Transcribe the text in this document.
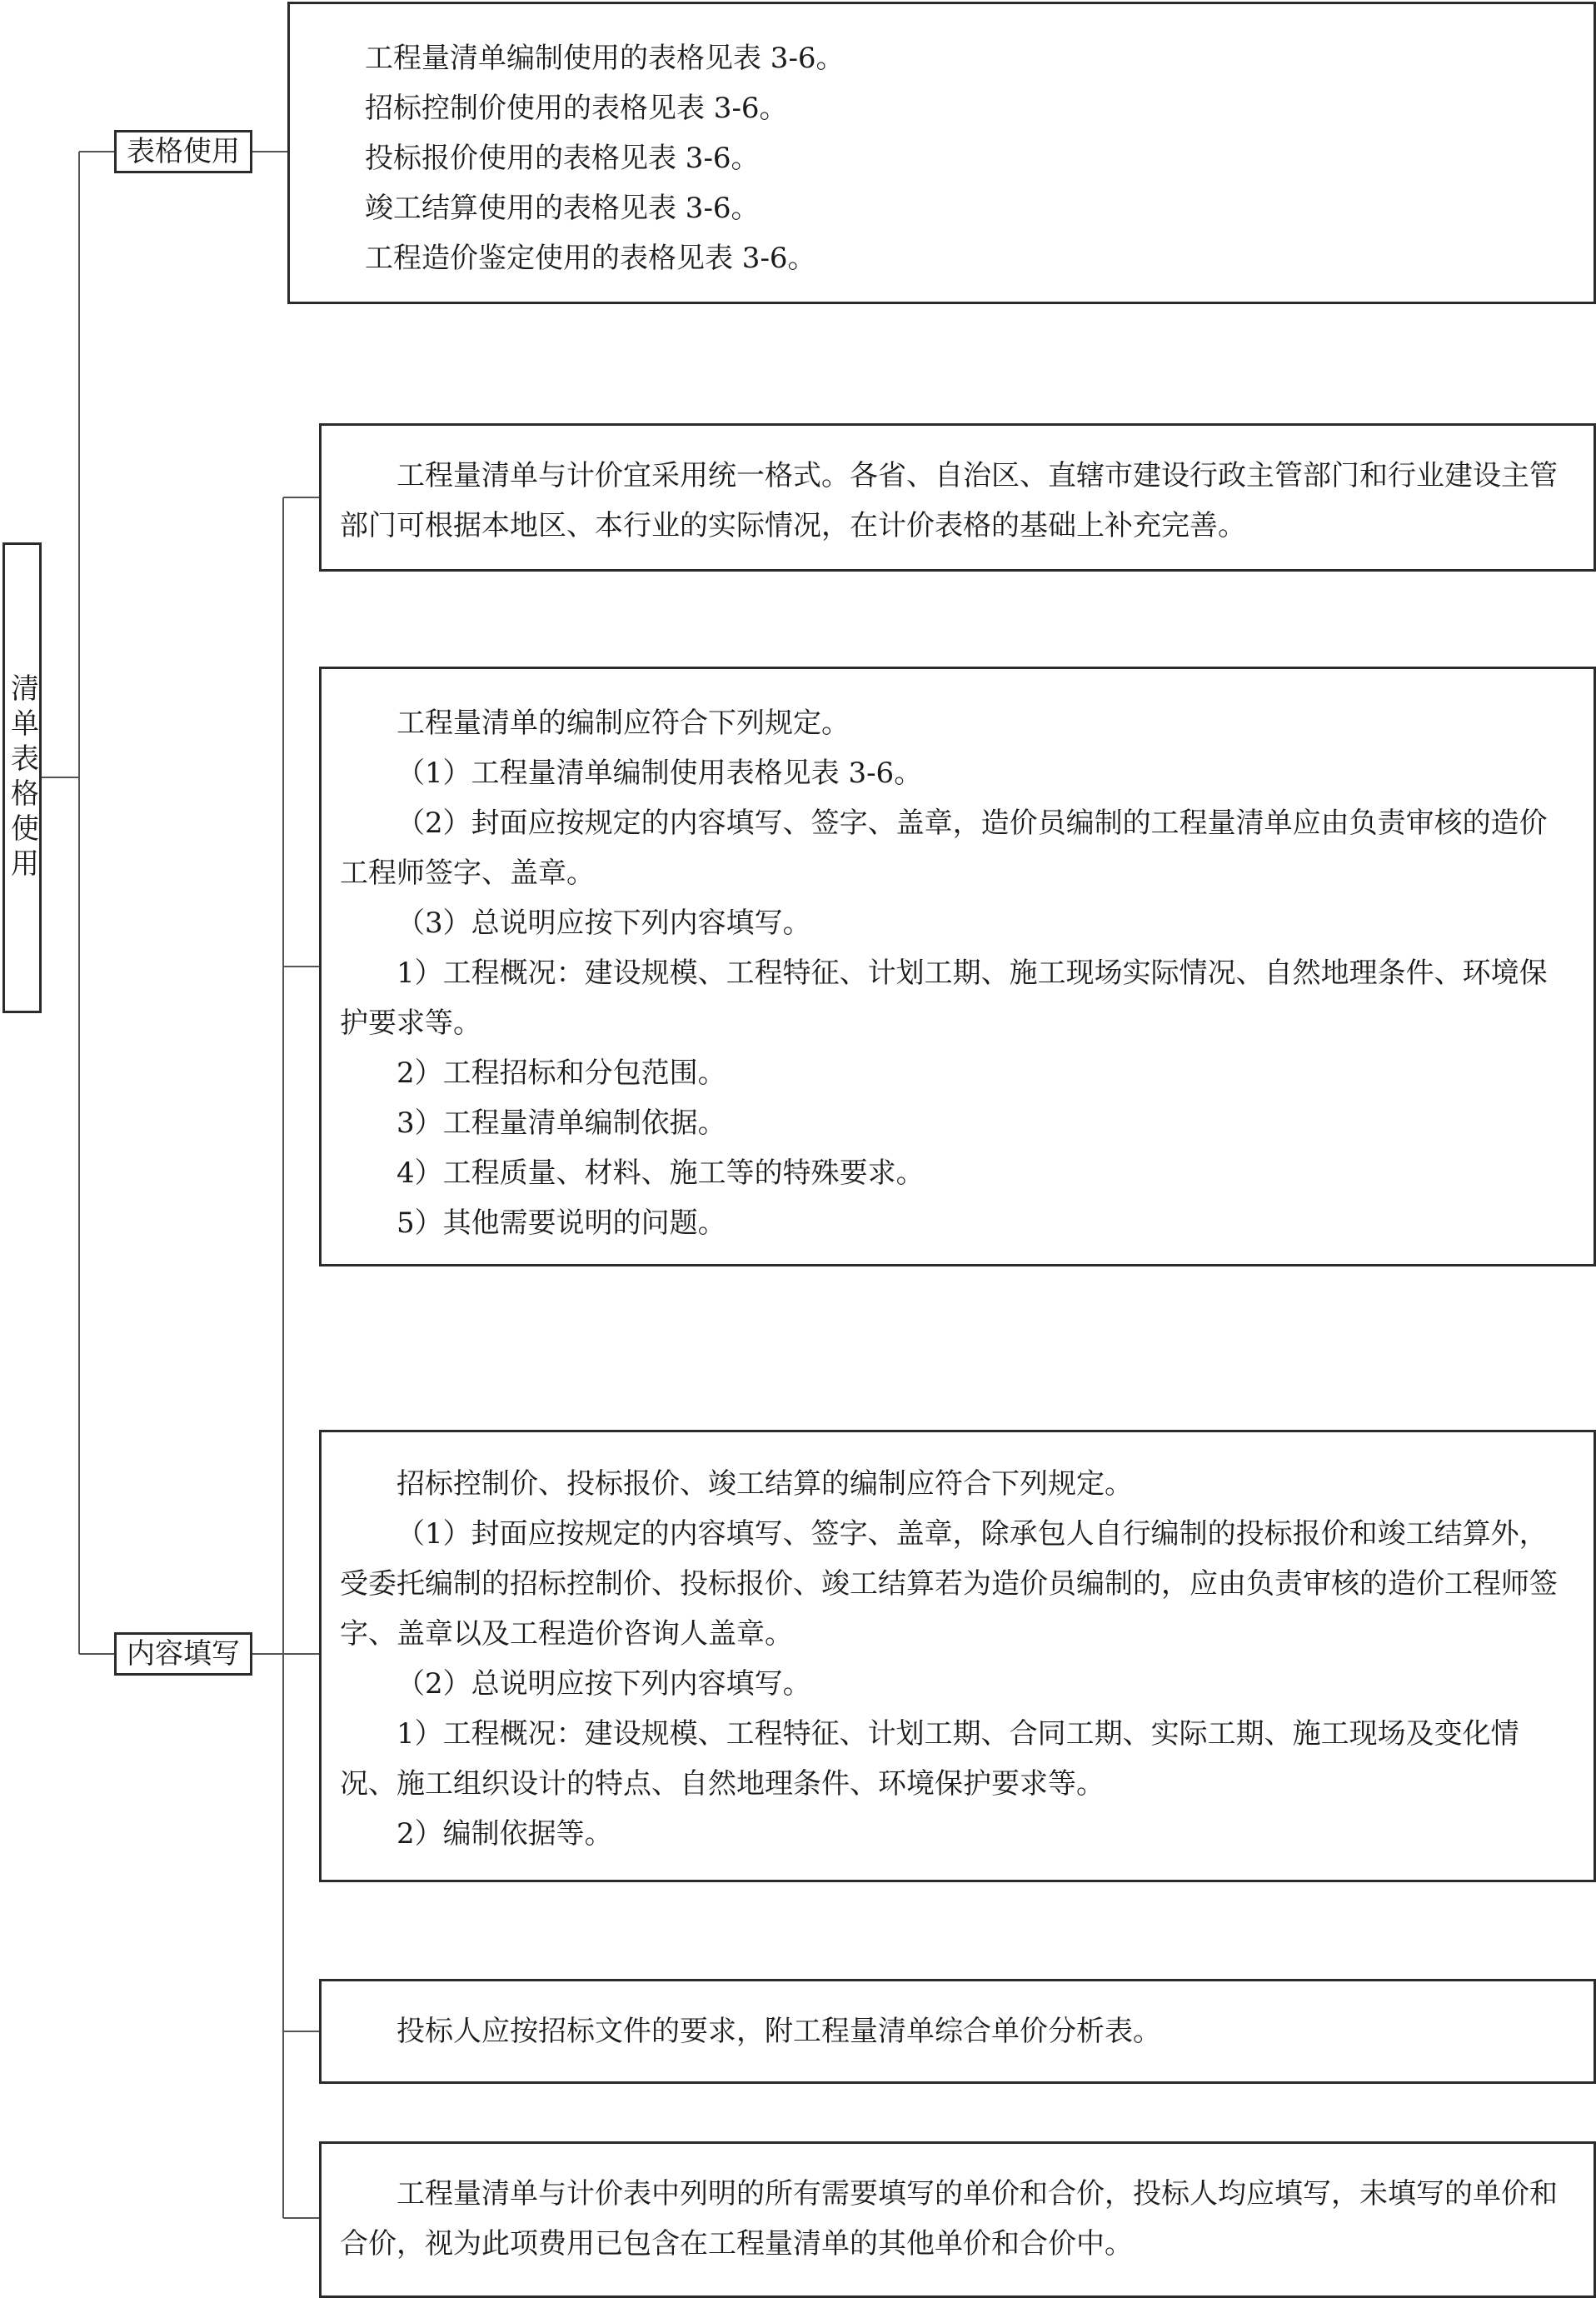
清单表格使用
表格使用
内容填写

工程量清单编制使用的表格见表 3-6。

招标控制价使用的表格见表 3-6。

投标报价使用的表格见表 3-6。

竣工结算使用的表格见表 3-6。

工程造价鉴定使用的表格见表 3-6。

工程量清单与计价宜采用统一格式。各省、自治区、直辖市建设行政主管部门和行业建设主管部门可根据本地区、本行业的实际情况，在计价表格的基础上补充完善。

工程量清单的编制应符合下列规定。

（1）工程量清单编制使用表格见表 3-6。

（2）封面应按规定的内容填写、签字、盖章，造价员编制的工程量清单应由负责审核的造价工程师签字、盖章。

（3）总说明应按下列内容填写。

1）工程概况：建设规模、工程特征、计划工期、施工现场实际情况、自然地理条件、环境保护要求等。

2）工程招标和分包范围。

3）工程量清单编制依据。

4）工程质量、材料、施工等的特殊要求。

5）其他需要说明的问题。

招标控制价、投标报价、竣工结算的编制应符合下列规定。

（1）封面应按规定的内容填写、签字、盖章，除承包人自行编制的投标报价和竣工结算外，受委托编制的招标控制价、投标报价、竣工结算若为造价员编制的，应由负责审核的造价工程师签字、盖章以及工程造价咨询人盖章。

（2）总说明应按下列内容填写。

1）工程概况：建设规模、工程特征、计划工期、合同工期、实际工期、施工现场及变化情况、施工组织设计的特点、自然地理条件、环境保护要求等。

2）编制依据等。

投标人应按招标文件的要求，附工程量清单综合单价分析表。

工程量清单与计价表中列明的所有需要填写的单价和合价，投标人均应填写，未填写的单价和合价，视为此项费用已包含在工程量清单的其他单价和合价中。
